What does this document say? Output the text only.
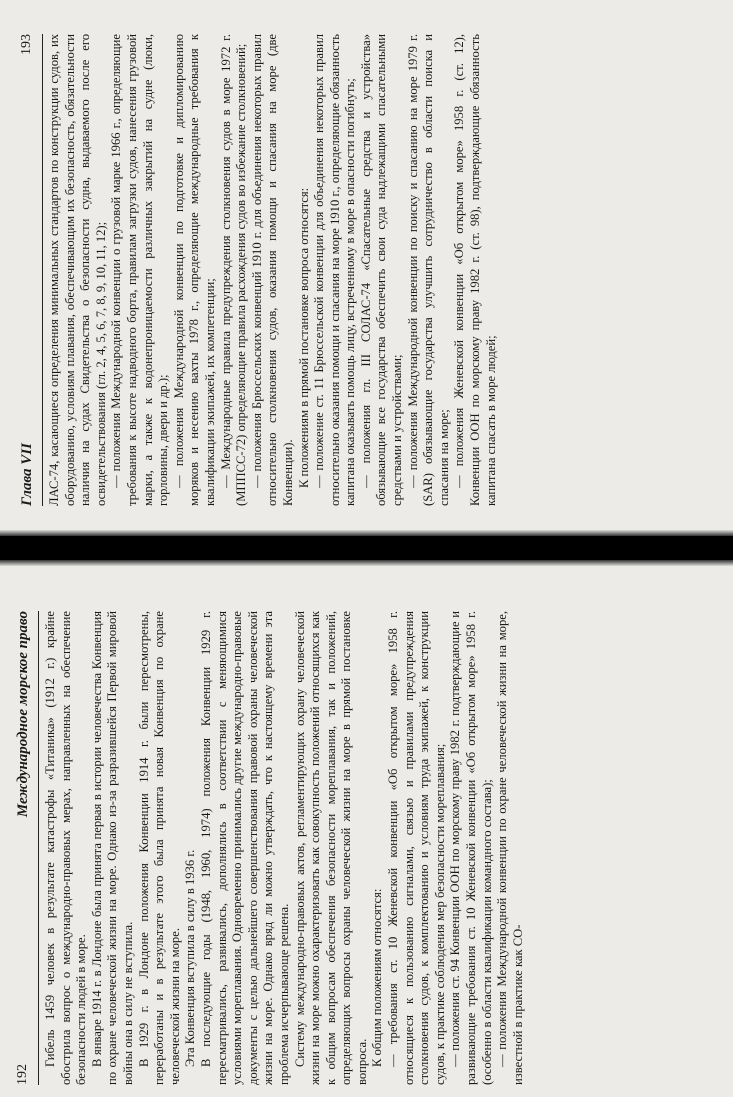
Глава VII
193 ЛАС-74, касающиеся определения минимальных стандартов по конструкции судов, их оборудованию, условиям плавания, обеспечивающим их безопасность, обязательности наличия на судах Свидетельства о безопасности судна, выдаваемого после его освидетельствования (гл. 2, 4, 5, 6, 7, 8, 9, 10, 11, 12); — положения Международной конвенции о грузовой марке 1966 г., определяющие требования к высоте надводного борта, правилам загрузки судов, нанесения грузовой марки, а также к водонепроницаемости различных закрытий на судне (люки, горловины, двери и др.); — положения Международной конвенции по подготовке и дипломированию моряков и несению вахты 1978 г., определяющие международные требования к квалификации экипажей, их компетенции; — Международные правила предупреждения столкновения судов в море 1972 г. (МППСС-72) определяющие правила расхождения судов во избежание столкновений; — положения Брюссельских конвенций 1910 г. для объединения некоторых правил относительно столкновения судов, оказания помощи и спасания на море (две Конвенции). К положениям в прямой постановке вопроса относятся: — положение ст. 11 Брюссельской конвенции для объединения некоторых правил относительно оказания помощи и спасания на море 1910 г., определяющие обязанность капитана оказывать помощь лицу, встреченному в море в опасности погибнуть; — положения гл. III СОЛАС-74 «Спасательные средства и устройства» обязывающие все государства обеспечить свои суда надлежащими спасательными средствами и устройствами; — положения Международной конвенции по поиску и спасанию на море 1979 г. (SAR) обязывающие государства улучшить сотрудничество в области поиска и спасания на море; — положения Женевской конвенции «Об открытом море» 1958 г. (ст. 12), Конвенции ООН по морскому праву 1982 г. (ст. 98), подтверждающие обязанность капитана спасать в море людей;

192
Международное морское право Гибель 1459 человек в результате катастрофы «Титаника» (1912 г.) крайне обострила вопрос о международно-правовых мерах, направленных на обеспечение безопасности людей в море. В январе 1914 г. в Лондоне была принята первая в истории человечества Конвенция по охране человеческой жизни на море. Однако из-за разразившейся Первой мировой войны она в силу не вступила. В 1929 г. в Лондоне положения Конвенции 1914 г. были пересмотрены, переработаны и в результате этого была принята новая Конвенция по охране человеческой жизни на море. Эта Конвенция вступила в силу в 1936 г. В последующие годы (1948, 1960, 1974) положения Конвенции 1929 г. пересматривались, развивались, дополнялись в соответствии с меняющимися условиями мореплавания. Одновременно принимались другие международно-правовые документы с целью дальнейшего совершенствования правовой охраны человеческой жизни на море. Однако вряд ли можно утверждать, что к настоящему времени эта проблема исчерпывающе решена. Систему международно-правовых актов, регламентирующих охрану человеческой жизни на море можно охарактеризовать как совокупность положений относящихся как к общим вопросам обеспечения безопасности мореплавания, так и положений, определяющих вопросы охраны человеческой жизни на море в прямой постановке вопроса. К общим положениям относятся: — требования ст. 10 Женевской конвенции «Об открытом море» 1958 г. относящиеся к пользованию сигналами, связью и правилами предупреждения столкновения судов, к комплектованию и условиям труда экипажей, к конструкции судов, к практике соблюдения мер безопасности мореплавания; — положения ст. 94 Конвенции ООН по морскому праву 1982 г. подтверждающие и развивающие требования ст. 10 Женевской конвенции «Об открытом море» 1958 г. (особенно в области квалификации командного состава); — положения Международной конвенции по охране человеческой жизни на море, известной в практике как СО-
